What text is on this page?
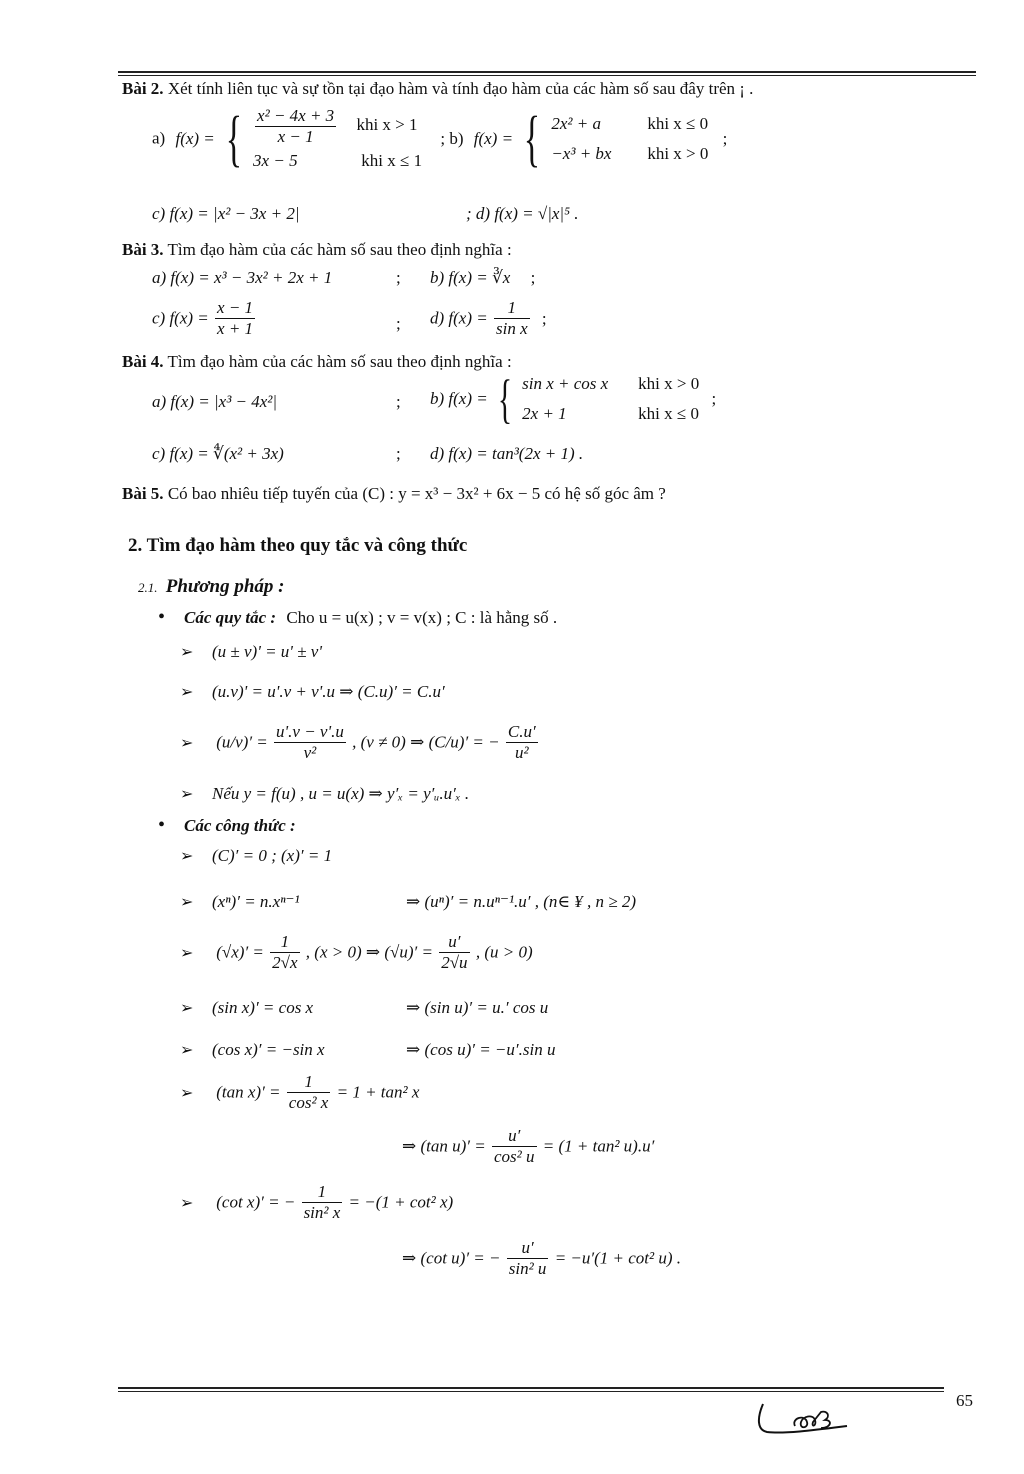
Bài 2. Xét tính liên tục và sự tồn tại đạo hàm và tính đạo hàm của các hàm số sau đây trên ¡ .
a) f(x) = { $\frac{\text{x² − 4x + 3}}{x - 1}$ khi x > 1
3x − 5	khi x ≤ 1
; b) f(x) = { 2x² + a	khi x ≤ 0
−x³ + bx khi x > 0
;
c) f(x) = |x² − 3x + 2|	; d) f(x) = √|x|⁵ .
Bài 3. Tìm đạo hàm của các hàm số sau theo định nghĩa :
a) f(x) = x³ − 3x² + 2x + 1	; b) f(x) = ∛x ;
c) $f(x) = \frac{x - 1}{x + 1}$	; d) $f(x) = \frac{1}{\text{sin x}}$ ;
Bài 4. Tìm đạo hàm của các hàm số sau theo định nghĩa :
a) f(x) = |x³ − 4x²|	; b) f(x) = { sin x + cos x khi x > 0
2x + 1	khi x ≤ 0
;
c) f(x) = ∜(x² + 3x)	; d) f(x) = tan³(2x + 1) .
Bài 5. Có bao nhiêu tiếp tuyến của (C) : y = x³ − 3x² + 6x − 5 có hệ số góc âm ?
2. Tìm đạo hàm theo quy tắc và công thức
2.1. Phương pháp :
• Các quy tắc : Cho u = u(x) ; v = v(x) ; C : là hằng số .
➢ (u ± v)' = u' ± v'
➢ (u.v)' = u'.v + v'.u ⇒ (C.u)′ = C.u′
➢ $(u/v)' = \frac{u'.v - v'.u}{\text{v²}}$ , (v ≠ 0) ⇒ (C/u)′ = − $\frac{C.u'}{\text{u²}}$
➢ Nếu y = f(u) , u = u(x) ⇒ y′ₓ = y′ᵤ.u′ₓ .
• Các công thức :
➢ (C)′ = 0 ; (x)′ = 1
➢ (xⁿ)′ = n.xⁿ⁻¹	⇒ (uⁿ)′ = n.uⁿ⁻¹.u′ , (n∈ ¥ , n ≥ 2)
➢ $(√x)' = \frac{1}{2√x}$ , (x > 0) ⇒ $(√u)' = \frac{u'}{2√u}$ , (u > 0)
➢ (sin x)′ = cos x	⇒ (sin u)′ = u.′ cos u
➢ (cos x)′ = −sin x	⇒ (cos u)′ = −u′.sin u
➢ (tan $x)' = \frac{1}{\text{cos² x}} = 1 + \tan^2$ x
⇒ (tan $u)' = \frac{u'}{\text{cos² u}} = (1 + \tan^2$ u).u′
➢ (cot x)′ = − $\frac{1}{\text{sin² x}} = -(1 + \cot^2$ x)
⇒ (cot u)′ = − $\frac{u'}{\text{sin² u}} = -u'(1 + \cot^2$ u) .
65
